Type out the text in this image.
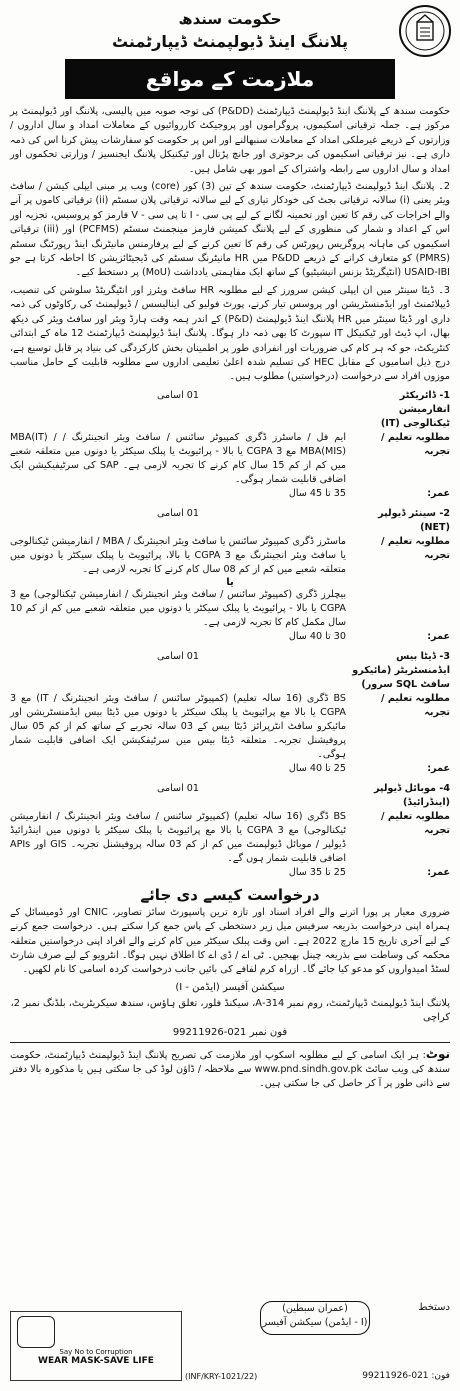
حکومت سندھ
پلاننگ اینڈ ڈیولپمنٹ ڈیپارٹمنٹ
ملازمت کے مواقع

حکومت سندھ کے پلاننگ اینڈ ڈیولپمنٹ ڈیپارٹمنٹ (P&DD) کی توجہ صوبہ میں پالیسی، پلاننگ اور ڈیولپمنٹ پر مرکوز ہے۔ جملہ ترقیاتی اسکیموں، پروگراموں اور پروجیکٹ کارروائیوں کے معاملات امداد و سال اداروں / وزارتوں کے ذریعے غیرملکی امداد کے معاملات سنبھالنے اور اس پر حکومت کو سفارشات پیش کرنا اس کی ذمہ داری ہے۔ نیز ترقیاتی اسکیموں کی برحوتری اور جانچ پڑتال اور ٹیکنیکل پلاننگ ایجنسیز / وزارتی تحکموں اور امداد و سال اداروں سے رابطہ واشتراک کے امور بھی شامل ہیں۔

2۔ پلاننگ اینڈ ڈیولپمنٹ ڈیپارٹمنٹ، حکومت سندھ کے تین (3) کور (core) ویب پر مبنی ایپلی کیشن / سافٹ ویئر یعنی (i) سالانہ ترقیاتی بجٹ کی خودکار تیاری کے لیے سالانہ ترقیاتی پلان سسٹم (ii) ترقیاتی کاموں پر آنے والے اخراجات کی رقم کا تعین اور تخمینہ لگانے کے لیے پی سی - I تا پی سی - V فارمز کو پروسیس، تجزیہ اور اس کے اعداد و شمار کی منظوری کے لیے پلاننگ کمیشن فارمز مینجمنٹ سسٹم (PCFMS) اور (iii) ترقیاتی اسکیموں کی ماہانہ پروگریس رپورٹس کی رقم کا تعین کرنے کے لیے پرفارمنس مانیٹرنگ اینڈ رپورٹنگ سسٹم (PMRS) کو متعارف کرانے کے ذریعے P&DD میں HR مانیٹرنگ سسٹم کی ڈیجیٹائزیشن کا احاطہ کرتا ہے جو USAID-IBI (انٹیگریٹڈ بزنس انیشیٹیو) کے ساتھ ایک مفاہمتی یادداشت (MoU) پر دستخط کیے۔

3۔ ڈیٹا سینٹر میں ان ایپلی کیشن سرورز کے لیے مطلوبہ HR سافٹ ویئرز اور انٹیگریٹڈ سلوشن کی تنصیب، ڈیپلائمنٹ اور ایڈمنسٹریشن اور پروسس تیار کرنے، پورٹ فولیو کی اینالیسس / ڈیولپمنٹ کی رکاوٹوں کی ذمہ داری اور ڈیٹا سینٹر میں HR پلاننگ اینڈ ڈیولپمنٹ (P&D) کے اندر ہمہ وقت ہارڈ ویئر اور سافٹ ویئر کی دیکھ بھال، اپ ڈیٹ اور ٹیکنیکل IT سپورٹ کا بھی ذمہ دار ہوگا۔ پلاننگ اینڈ ڈیولپمنٹ ڈیپارٹمنٹ 12 ماہ کے ابتدائی کنٹریکٹ، جو کہ ہر کام کی ضروریات اور انفرادی طور پر اطمینان بخش کارکردگی کی بنیاد پر قابل توسیع ہے، درج ذیل اسامیوں کے مقابل HEC کی تسلیم شدہ اعلیٰ تعلیمی اداروں سے مطلوبہ قابلیت کے حامل مناسب موزوں افراد سے درخواست (درخواستیں) مطلوب ہیں۔

1- ڈائریکٹر انفارمیشن ٹیکنالوجی (IT)
01 اسامی
مطلوبہ تعلیم / تجربہ
ایم فل / ماسٹرز ڈگری کمپیوٹر سائنس / سافٹ ویئر انجینئرنگ / MBA(IT) / MBA(MIS) مع 3 CGPA یا بالا - پرائیویٹ یا پبلک سیکٹر یا دونوں میں متعلقہ شعبے میں کم از کم 15 سال کام کرنے کا تجربہ لازمی ہے۔ SAP کی سرٹیفیکیشن ایک اضافی قابلیت شمار ہوگی۔
عمر:
35 تا 45 سال
2- سینئر ڈیولپر (NET)
01 اسامی
مطلوبہ تعلیم / تجربہ
ماسٹرز ڈگری کمپیوٹر سائنس یا سافٹ ویئر انجینئرنگ / MBA / انفارمیشن ٹیکنالوجی یا سافٹ ویئر انجینئرنگ مع 3 CGPA یا بالا، پرائیویٹ یا پبلک سیکٹر یا دونوں میں متعلقہ شعبے میں کم از کم 08 سال کام کرنے کا تجربہ لازمی ہے۔
یا
بیچلرز ڈگری (کمپیوٹر سائنس / سافٹ ویئر انجینئرنگ / انفارمیشن ٹیکنالوجی) مع 3 CGPA یا بالا - پرائیویٹ یا پبلک سیکٹر یا دونوں میں متعلقہ شعبے میں کم از کم 10 سال مکمل کام کا تجربہ لازمی ہے۔
عمر:
30 تا 40 سال
3- ڈیٹا بیس ایڈمنسٹریٹر (مائیکرو سافٹ SQL سرور)
01 اسامی
مطلوبہ تعلیم / تجربہ
BS ڈگری (16 سالہ تعلیم) (کمپیوٹر سائنس / سافٹ ویئر انجینئرنگ / IT) مع 3 CGPA یا بالا مع پرائیویٹ یا پبلک سیکٹر یا دونوں میں ڈیٹا بیس ایڈمنسٹریشن اور مائیکرو سافٹ انٹرپرائز ڈیٹا بیس کے 03 سالہ تجربے کے ساتھ کم از کم 05 سال پروفیشنل تجربہ۔ متعلقہ ڈیٹا بیس میں سرٹیفکیشن ایک اضافی قابلیت شمار ہوگی۔
عمر:
25 تا 40 سال
4- موبائل ڈیولپر (اینڈرائیڈ)
01 اسامی
مطلوبہ تعلیم / تجربہ
BS ڈگری (16 سالہ تعلیم) (کمپیوٹر سائنس / سافٹ ویئر انجینئرنگ / انفارمیشن ٹیکنالوجی) مع CGPA 3 یا بالا مع پرائیویٹ یا پبلک سیکٹر یا دونوں میں اینڈرائیڈ ڈیولپر / موبائل ڈیولپمنٹ میں کم از کم 03 سالہ پروفیشنل تجربہ۔ GIS اور APIs اضافی قابلیت شمار ہوں گے۔
عمر:
25 تا 35 سال
درخواست کیسے دی جائے
ضروری معیار پر پورا اترنے والے افراد اسناد اور تازہ ترین پاسپورٹ سائز تصاویر، CNIC اور ڈومیسائل کے ہمراہ اپنی درخواست بذریعہ سرفیس میل زیر دستخطی کے پاس جمع کرا سکتے ہیں۔ درخواست جمع کرنے کے لیے آخری تاریخ 15 مارچ 2022 ہے۔ اس وقت پبلک سیکٹر میں کام کرنے والے افراد اپنی درخواستیں متعلقہ محکمہ کی وساطت سے بذریعہ چینل بھیجیں۔ ٹی اے / ڈی اے کا اطلاق نہیں ہوگا۔ انٹرویو کے لیے صرف شارٹ لسٹڈ امیدواروں کو مدعو کیا جائے گا۔ ازراہ کرم لفافے کی بائیں جانب درخواست کردہ اسامی کا نام لکھیں۔
سیکشن آفیسر (ایڈمن - I)
پلاننگ اینڈ ڈیولپمنٹ ڈیپارٹمنٹ، روم نمبر 314-A، سیکنڈ فلور، تغلق ہاؤس، سندھ سیکریٹریٹ، بلڈنگ نمبر 2، کراچی
فون نمبر 021-99211926
نوٹ: ہر ایک اسامی کے لیے مطلوبہ اسکوپ اور ملازمت کی تصریح پلاننگ اینڈ ڈیولپمنٹ ڈیپارٹمنٹ، حکومت سندھ کی ویب سائٹ www.pnd.sindh.gov.pk سے ملاحظہ / ڈاؤن لوڈ کی جا سکتی ہیں یا مذکورہ بالا دفتر سے ذاتی طور پر آ کر حاصل کی جا سکتی ہیں۔
Say No to Corruption
WEAR MASK-SAVE LIFE
دستخط
(عمران سبطین)
سیکشن آفیسر (ایڈمن - I)
(INF/KRY-1021/22)	فون: 021-99211926
